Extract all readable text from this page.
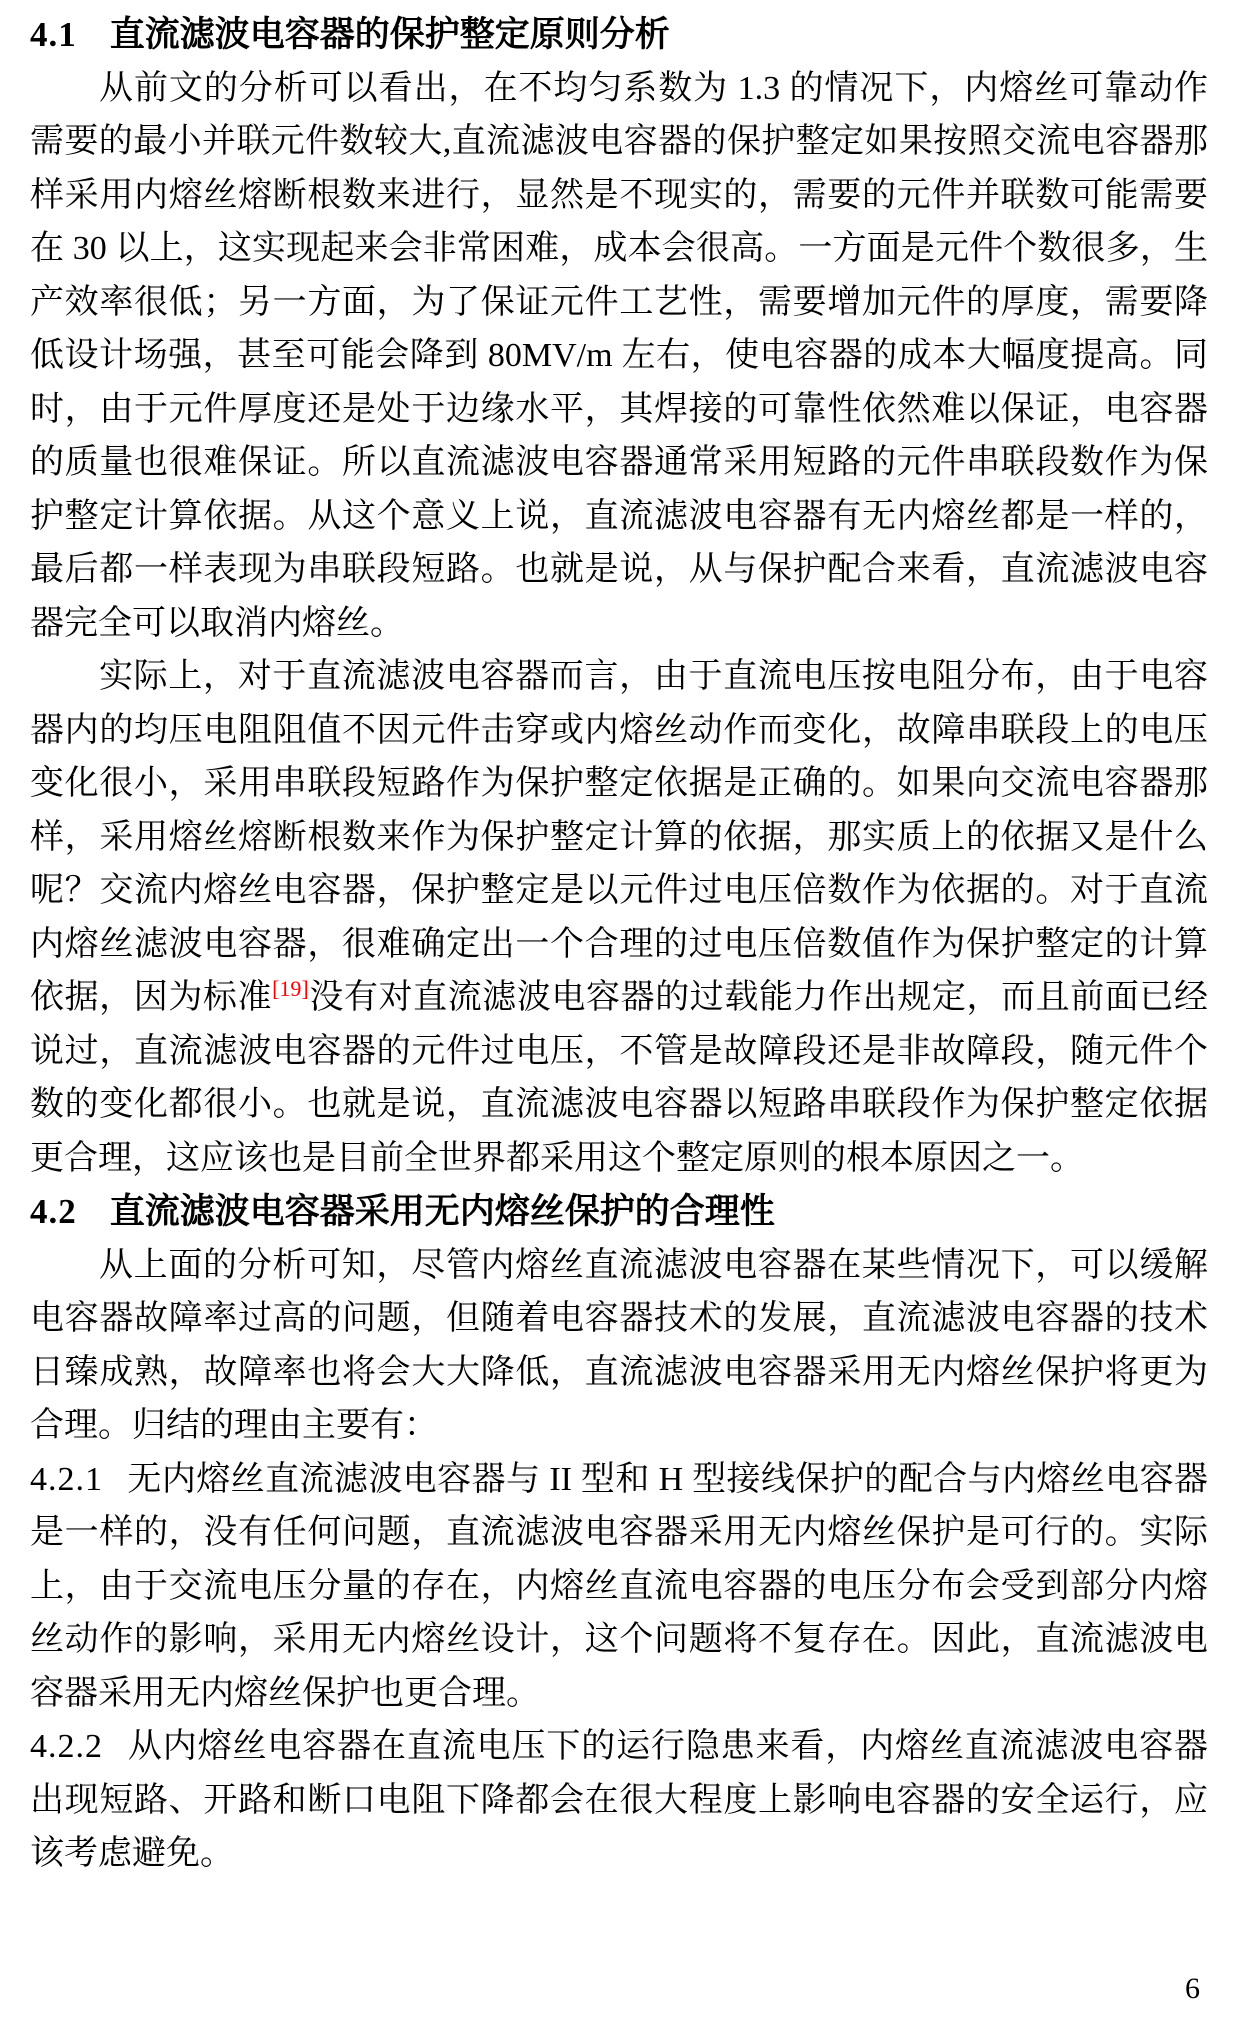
4.1 直流滤波电容器的保护整定原则分析

从前文的分析可以看出，在不均匀系数为 1.3 的情况下，内熔丝可靠动作需要的最小并联元件数较大,直流滤波电容器的保护整定如果按照交流电容器那样采用内熔丝熔断根数来进行，显然是不现实的，需要的元件并联数可能需要在 30 以上，这实现起来会非常困难，成本会很高。一方面是元件个数很多，生产效率很低；另一方面，为了保证元件工艺性，需要增加元件的厚度，需要降低设计场强，甚至可能会降到 80MV/m 左右，使电容器的成本大幅度提高。同时，由于元件厚度还是处于边缘水平，其焊接的可靠性依然难以保证，电容器的质量也很难保证。所以直流滤波电容器通常采用短路的元件串联段数作为保护整定计算依据。从这个意义上说，直流滤波电容器有无内熔丝都是一样的，最后都一样表现为串联段短路。也就是说，从与保护配合来看，直流滤波电容器完全可以取消内熔丝。

实际上，对于直流滤波电容器而言，由于直流电压按电阻分布，由于电容器内的均压电阻阻值不因元件击穿或内熔丝动作而变化，故障串联段上的电压变化很小，采用串联段短路作为保护整定依据是正确的。如果向交流电容器那样，采用熔丝熔断根数来作为保护整定计算的依据，那实质上的依据又是什么呢？交流内熔丝电容器，保护整定是以元件过电压倍数作为依据的。对于直流内熔丝滤波电容器，很难确定出一个合理的过电压倍数值作为保护整定的计算依据，因为标准[19]没有对直流滤波电容器的过载能力作出规定，而且前面已经说过，直流滤波电容器的元件过电压，不管是故障段还是非故障段，随元件个数的变化都很小。也就是说，直流滤波电容器以短路串联段作为保护整定依据更合理，这应该也是目前全世界都采用这个整定原则的根本原因之一。

4.2 直流滤波电容器采用无内熔丝保护的合理性

从上面的分析可知，尽管内熔丝直流滤波电容器在某些情况下，可以缓解电容器故障率过高的问题，但随着电容器技术的发展，直流滤波电容器的技术日臻成熟，故障率也将会大大降低，直流滤波电容器采用无内熔丝保护将更为合理。归结的理由主要有：

4.2.1 无内熔丝直流滤波电容器与 II 型和 H 型接线保护的配合与内熔丝电容器是一样的，没有任何问题，直流滤波电容器采用无内熔丝保护是可行的。实际上，由于交流电压分量的存在，内熔丝直流电容器的电压分布会受到部分内熔丝动作的影响，采用无内熔丝设计，这个问题将不复存在。因此，直流滤波电容器采用无内熔丝保护也更合理。

4.2.2 从内熔丝电容器在直流电压下的运行隐患来看，内熔丝直流滤波电容器出现短路、开路和断口电阻下降都会在很大程度上影响电容器的安全运行，应该考虑避免。

6
